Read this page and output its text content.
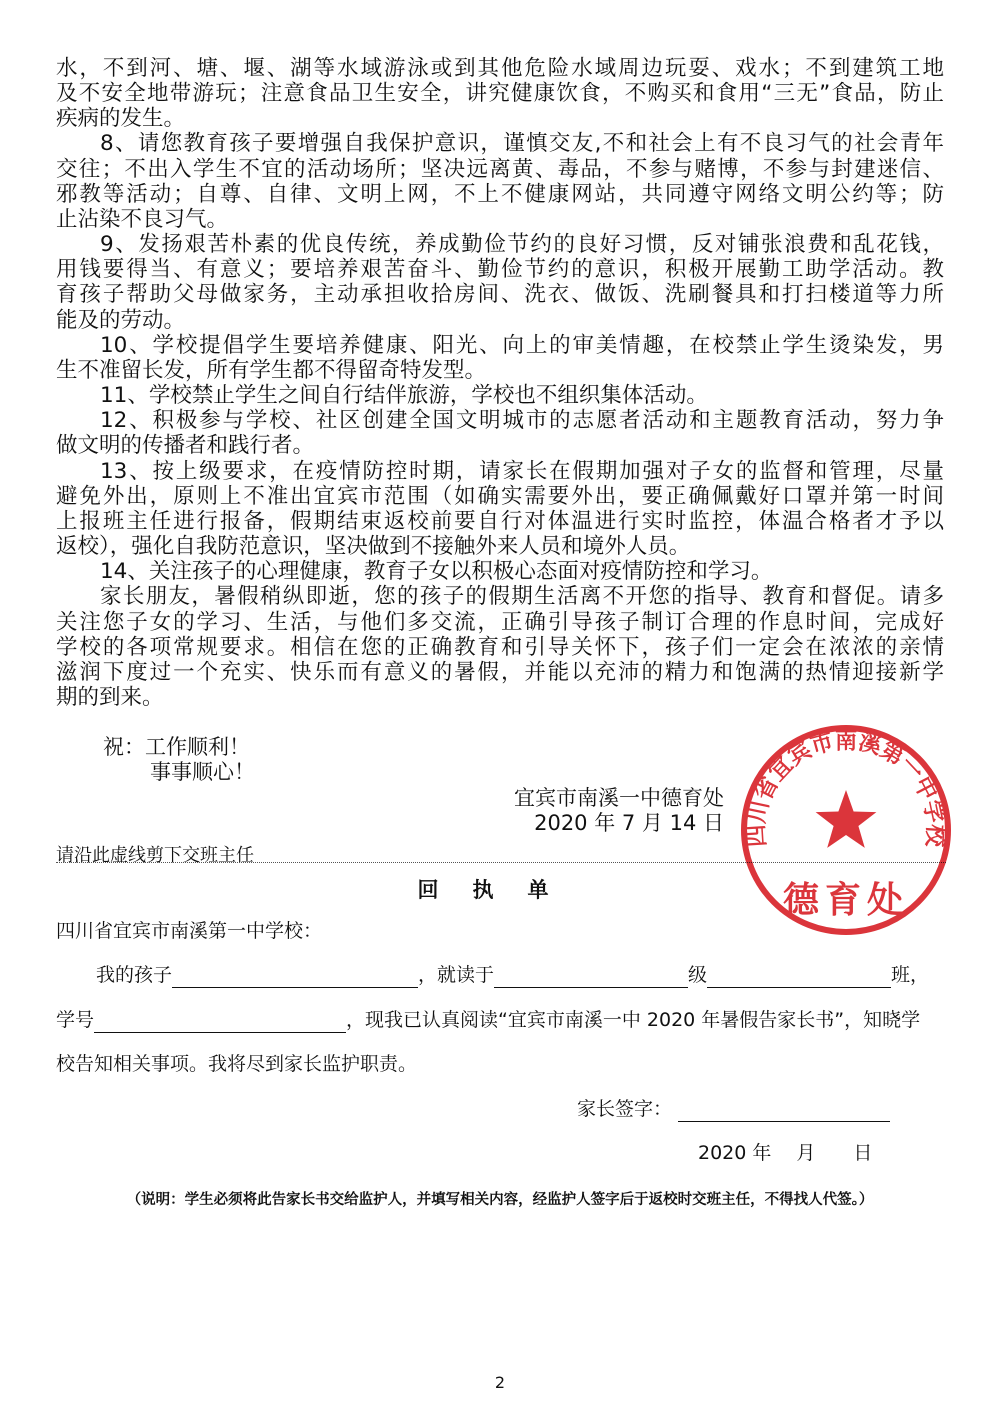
水，不到河、塘、堰、湖等水域游泳或到其他危险水域周边玩耍、戏水；不到建筑工地
及不安全地带游玩；注意食品卫生安全，讲究健康饮食，不购买和食用“三无”食品，防止
疾病的发生。
8、请您教育孩子要增强自我保护意识，谨慎交友,不和社会上有不良习气的社会青年
交往；不出入学生不宜的活动场所；坚决远离黄、毒品，不参与赌博，不参与封建迷信、
邪教等活动；自尊、自律、文明上网，不上不健康网站，共同遵守网络文明公约等；防
止沾染不良习气。
9、发扬艰苦朴素的优良传统，养成勤俭节约的良好习惯，反对铺张浪费和乱花钱，
用钱要得当、有意义；要培养艰苦奋斗、勤俭节约的意识，积极开展勤工助学活动。教
育孩子帮助父母做家务，主动承担收拾房间、洗衣、做饭、洗刷餐具和打扫楼道等力所
能及的劳动。
10、学校提倡学生要培养健康、阳光、向上的审美情趣，在校禁止学生烫染发，男
生不准留长发，所有学生都不得留奇特发型。
11、学校禁止学生之间自行结伴旅游，学校也不组织集体活动。
12、积极参与学校、社区创建全国文明城市的志愿者活动和主题教育活动，努力争
做文明的传播者和践行者。
13、按上级要求，在疫情防控时期，请家长在假期加强对子女的监督和管理，尽量
避免外出，原则上不准出宜宾市范围（如确实需要外出，要正确佩戴好口罩并第一时间
上报班主任进行报备，假期结束返校前要自行对体温进行实时监控，体温合格者才予以
返校），强化自我防范意识，坚决做到不接触外来人员和境外人员。
14、关注孩子的心理健康，教育子女以积极心态面对疫情防控和学习。
家长朋友，暑假稍纵即逝，您的孩子的假期生活离不开您的指导、教育和督促。请多
关注您子女的学习、生活，与他们多交流，正确引导孩子制订合理的作息时间，完成好
学校的各项常规要求。相信在您的正确教育和引导关怀下，孩子们一定会在浓浓的亲情
滋润下度过一个充实、快乐而有意义的暑假，并能以充沛的精力和饱满的热情迎接新学
期的到来。
祝：工作顺利！
事事顺心！
宜宾市南溪一中德育处
2020 年 7 月 14 日
请沿此虚线剪下交班主任
回执单
四川省宜宾市南溪第一中学校：
我的孩子	，就读于	级	班，
学号	，现我已认真阅读“宜宾市南溪一中 2020 年暑假告家长书”，知晓学
校告知相关事项。我将尽到家长监护职责。
家长签字：
2020 年　 月　　日
（说明：学生必须将此告家长书交给监护人，并填写相关内容，经监护人签字后于返校时交班主任，不得找人代签。）
四川省宜宾市南溪第一中学校
德育处
2
